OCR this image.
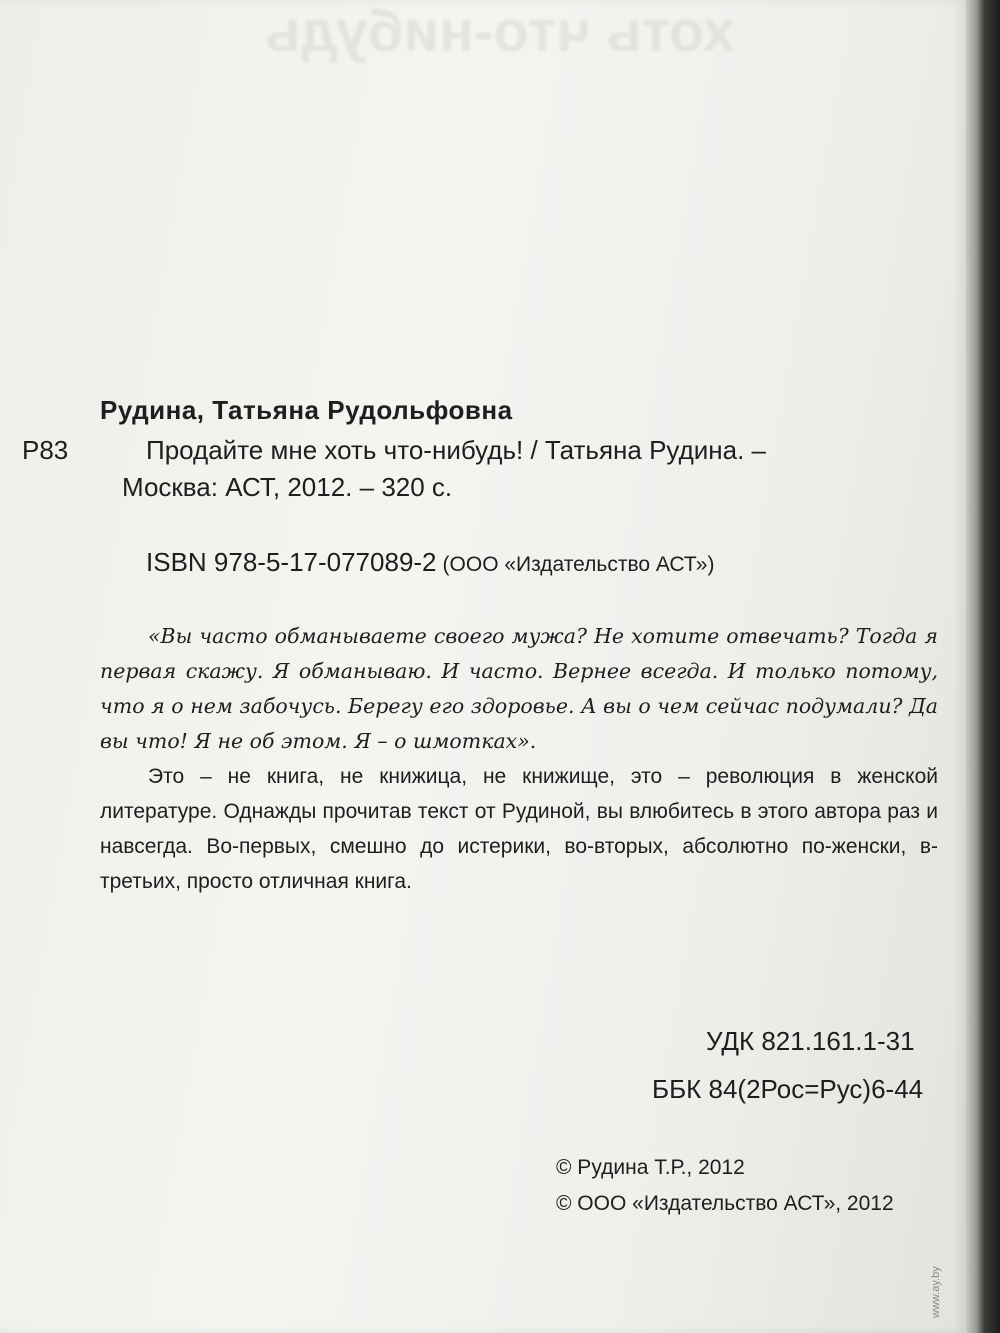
хоть что-нибудь
Рудина, Татьяна Рудольфовна
Р83	Продайте мне хоть что-нибудь! / Татьяна Рудина. –
Москва: АСТ, 2012. – 320 с.
ISBN 978-5-17-077089-2 (ООО «Издательство АСТ»)
«Вы часто обманываете своего мужа? Не хотите отвечать? Тогда я первая скажу. Я обманываю. И часто. Вернее всегда. И только потому, что я о нем забочусь. Берегу его здоровье. А вы о чем сейчас подумали? Да вы что! Я не об этом. Я – о шмотках».
Это – не книга, не книжица, не книжище, это – революция в женской литературе. Однажды прочитав текст от Рудиной, вы влюбитесь в этого автора раз и навсегда. Во-первых, смешно до истерики, во-вторых, абсолютно по-женски, в-третьих, просто отличная книга.
УДК 821.161.1-31
ББК 84(2Рос=Рус)6-44
© Рудина Т.Р., 2012
© ООО «Издательство АСТ», 2012
www.ay.by
